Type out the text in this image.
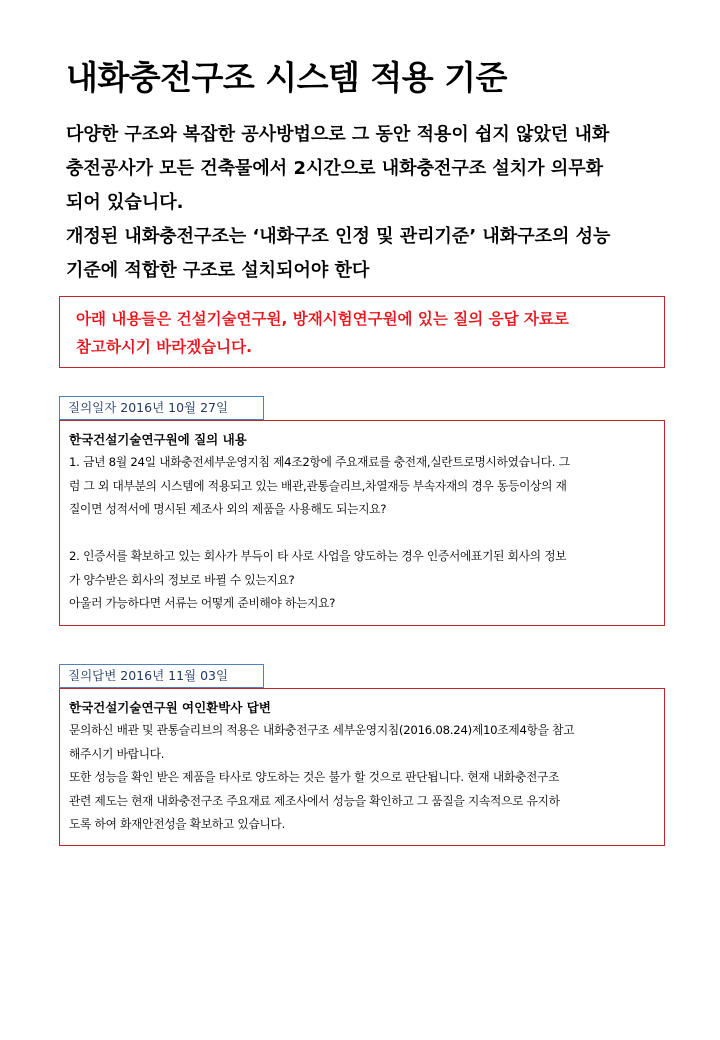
내화충전구조 시스템 적용 기준

다양한 구조와 복잡한 공사방법으로 그 동안 적용이 쉽지 않았던 내화

충전공사가 모든 건축물에서 2시간으로 내화충전구조 설치가 의무화

되어 있습니다.

개정된 내화충전구조는 ‘내화구조 인정 및 관리기준’ 내화구조의 성능

기준에 적합한 구조로 설치되어야 한다

아래 내용들은 건설기술연구원, 방재시험연구원에 있는 질의 응답 자료로

참고하시기 바라겠습니다.

질의일자 2016년 10월 27일

한국건설기술연구원에 질의 내용

1. 금년 8월 24일 내화충전세부운영지침 제4조2항에 주요재료를 충전재,실란트로명시하였습니다. 그

럼 그 외 대부분의 시스템에 적용되고 있는 배관,관통슬리브,차열재등 부속자재의 경우 동등이상의 재

질이면 성적서에 명시된 제조사 외의 제품을 사용해도 되는지요?

2. 인증서를 확보하고 있는 회사가 부득이 타 사로 사업을 양도하는 경우 인증서에표기된 회사의 정보

가 양수받은 회사의 정보로 바뀔 수 있는지요?

아울러 가능하다면 서류는 어떻게 준비해야 하는지요?

질의답변 2016년 11월 03일

한국건설기술연구원 여인환박사 답변

문의하신 배관 및 관통슬리브의 적용은 내화충전구조 세부운영지침(2016.08.24)제10조제4항을 참고

해주시기 바랍니다.

또한 성능을 확인 받은 제품을 타사로 양도하는 것은 불가 할 것으로 판단됩니다. 현재 내화충전구조

관련 제도는 현재 내화충전구조 주요재료 제조사에서 성능을 확인하고 그 품질을 지속적으로 유지하

도록 하여 화재안전성을 확보하고 있습니다.
